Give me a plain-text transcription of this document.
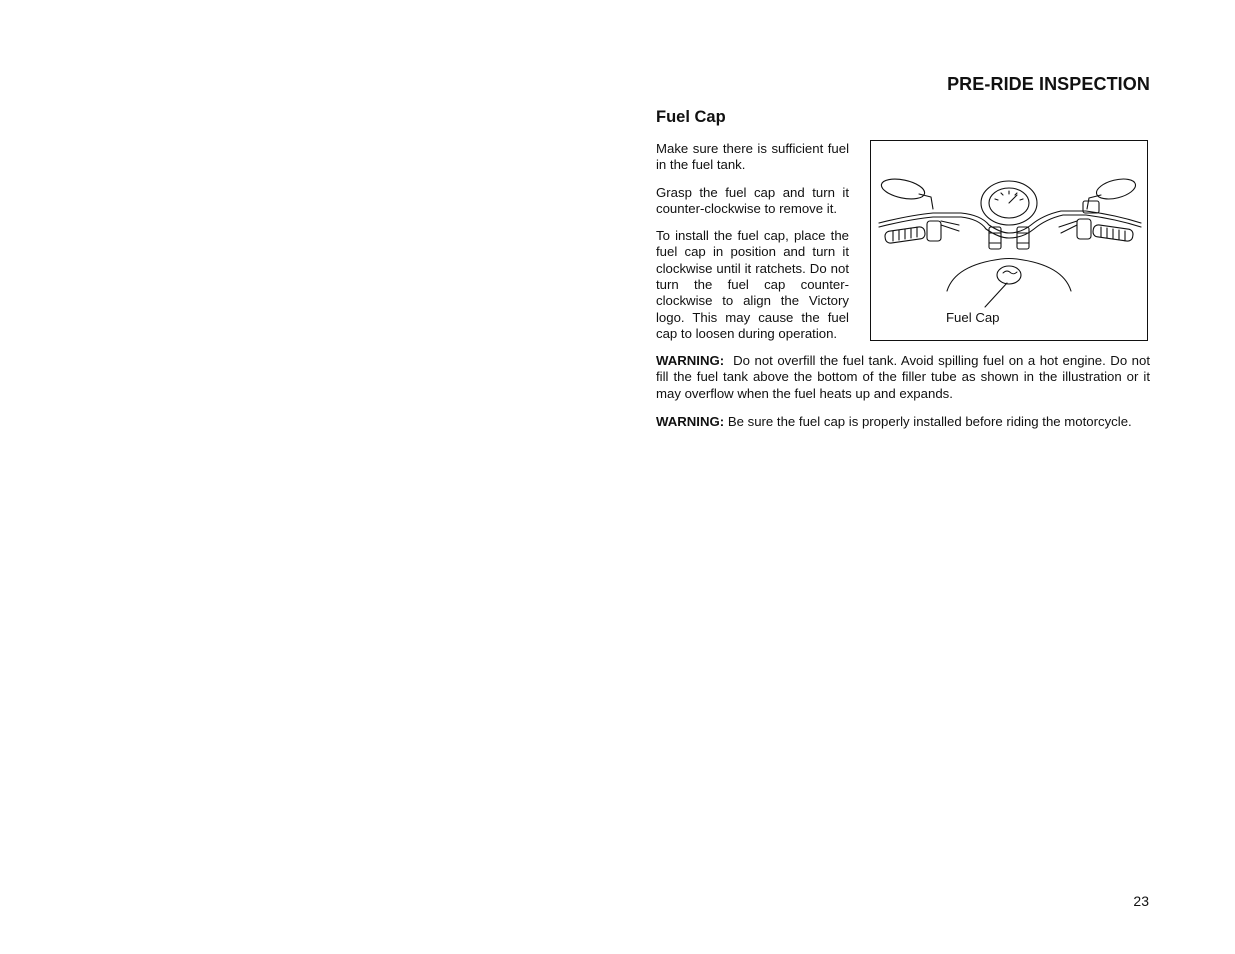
PRE-RIDE INSPECTION
Fuel Cap

Make sure there is sufficient fuel in the fuel tank.

Grasp the fuel cap and turn it counter-clockwise to remove it.

To install the fuel cap, place the fuel cap in position and turn it clockwise until it ratchets. Do not turn the fuel cap counter-clockwise to align the Victory logo. This may cause the fuel cap to loosen during operation.

Fuel Cap

WARNING: Do not overfill the fuel tank. Avoid spilling fuel on a hot engine. Do not fill the fuel tank above the bottom of the filler tube as shown in the illustration or it may overflow when the fuel heats up and expands.

WARNING: Be sure the fuel cap is properly installed before riding the motorcycle.

23
